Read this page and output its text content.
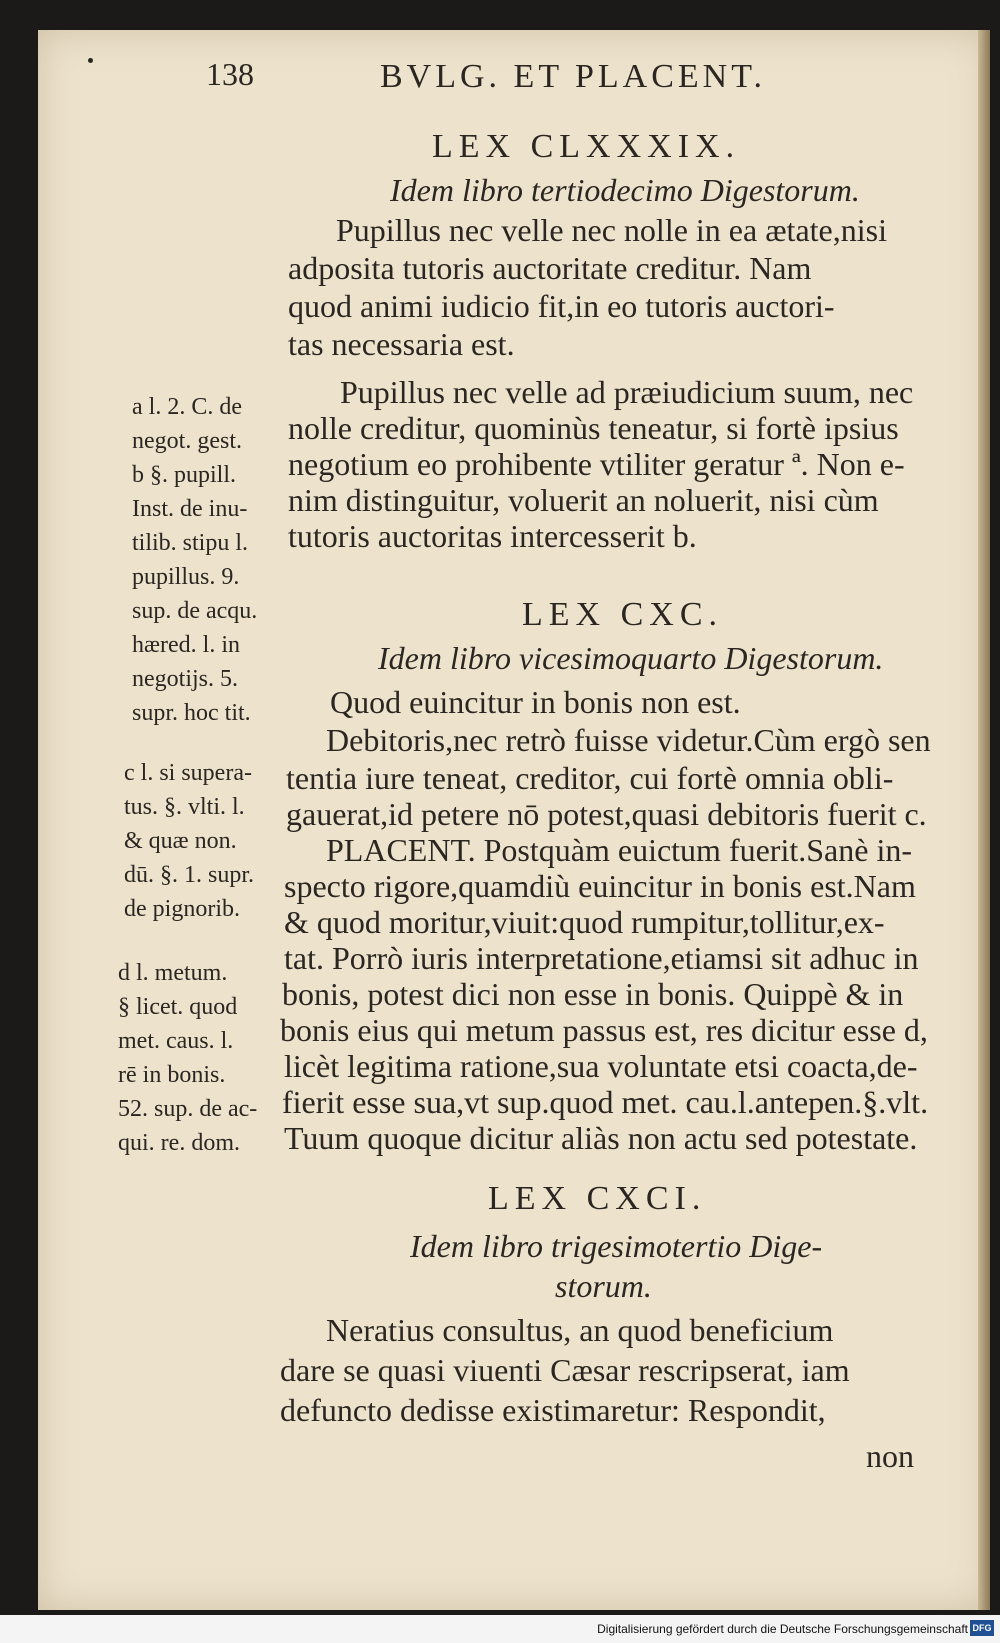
138	BVLG. ET PLACENT.
LEX CLXXXIX.
Idem libro tertiodecimo Digestorum.
Pupillus nec velle nec nolle in ea ætate,nisi
adposita tutoris auctoritate creditur. Nam
quod animi iudicio fit,in eo tutoris auctori-
tas necessaria est.
Pupillus nec velle ad præiudicium suum, nec
nolle creditur, quominùs teneatur, si fortè ipsius
negotium eo prohibente vtiliter geratur ª. Non e-
nim distinguitur, voluerit an noluerit, nisi cùm
tutoris auctoritas intercesserit b.
a l. 2. C. de
negot. gest.
b §. pupill.
Inst. de inu-
tilib. stipu l.
pupillus. 9.
sup. de acqu.
hæred. l. in
negotijs. 5.
supr. hoc tit.
LEX CXC.
Idem libro vicesimoquarto Digestorum.
Quod euincitur in bonis non est.
Debitoris,nec retrò fuisse videtur.Cùm ergò sen
tentia iure teneat, creditor, cui fortè omnia obli-
gauerat,id petere nō potest,quasi debitoris fuerit c.
PLACENT. Postquàm euictum fuerit.Sanè in-
specto rigore,quamdiù euincitur in bonis est.Nam
& quod moritur,viuit:quod rumpitur,tollitur,ex-
tat. Porrò iuris interpretatione,etiamsi sit adhuc in
bonis, potest dici non esse in bonis. Quippè & in
bonis eius qui metum passus est, res dicitur esse d,
licèt legitima ratione,sua voluntate etsi coacta,de-
fierit esse sua,vt sup.quod met. cau.l.antepen.§.vlt.
Tuum quoque dicitur aliàs non actu sed potestate.
c l. si supera-
tus. §. vlti. l.
& quæ non.
dū. §. 1. supr.
de pignorib.
d l. metum.
§ licet. quod
met. caus. l.
rē in bonis.
52. sup. de ac-
qui. re. dom.
LEX CXCI.
Idem libro trigesimotertio Dige-
storum.
Neratius consultus, an quod beneficium
dare se quasi viuenti Cæsar rescripserat, iam
defuncto dedisse existimaretur: Respondit,
non
Digitalisierung gefördert durch die Deutsche Forschungsgemeinschaft DFG
